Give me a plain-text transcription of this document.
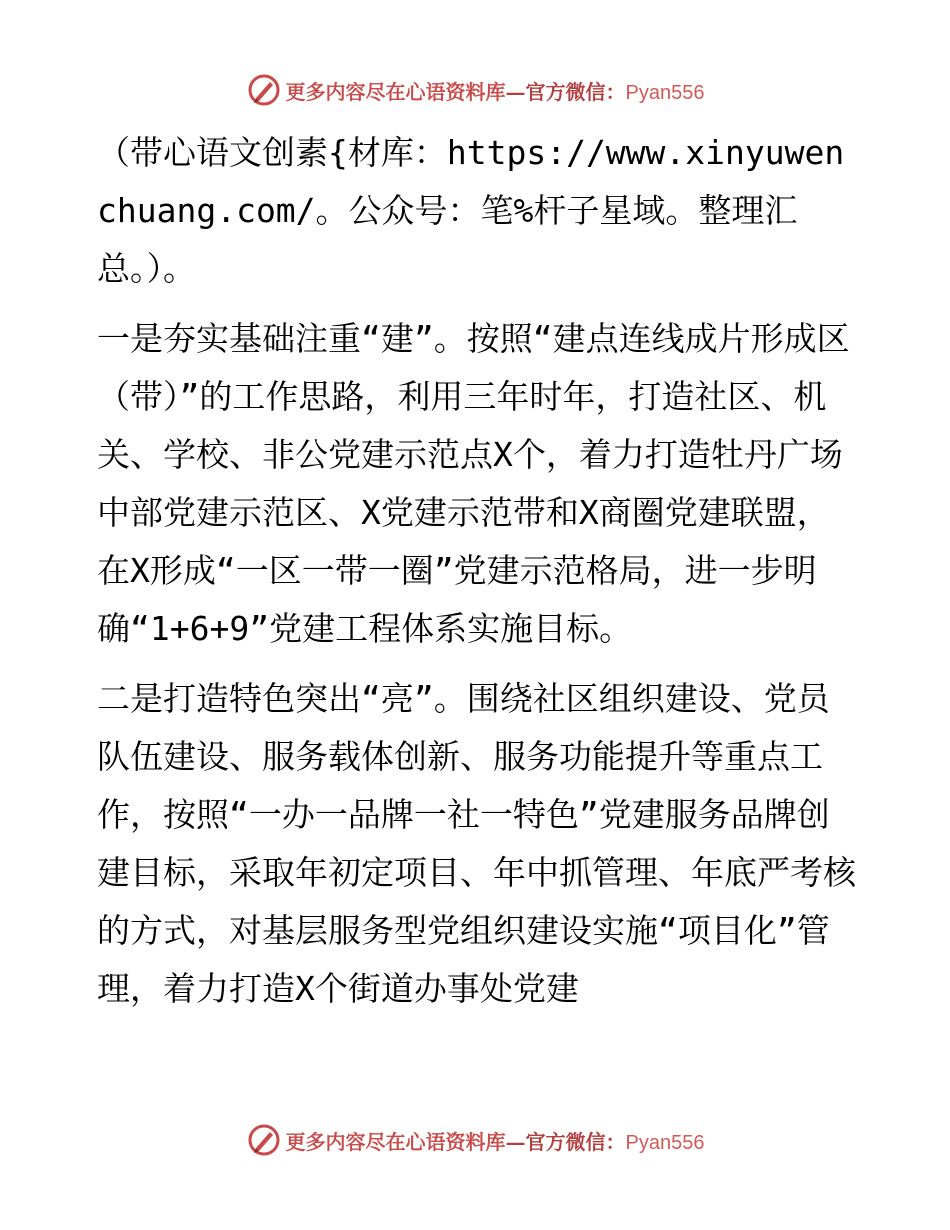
更多内容尽在心语资料库—官方微信：Pyan556

（带心语文创素{材库：https://www.xinyuwenchuang.com/。公众号：笔%杆子星域。整理汇总。）。

一是夯实基础注重“建”。按照“建点连线成片形成区（带）”的工作思路，利用三年时年，打造社区、机关、学校、非公党建示范点X个，着力打造牡丹广场中部党建示范区、X党建示范带和X商圈党建联盟，在X形成“一区一带一圈”党建示范格局，进一步明确“1+6+9”党建工程体系实施目标。

二是打造特色突出“亮”。围绕社区组织建设、党员队伍建设、服务载体创新、服务功能提升等重点工作，按照“一办一品牌一社一特色”党建服务品牌创建目标，采取年初定项目、年中抓管理、年底严考核的方式，对基层服务型党组织建设实施“项目化”管理，着力打造X个街道办事处党建

更多内容尽在心语资料库—官方微信：Pyan556
